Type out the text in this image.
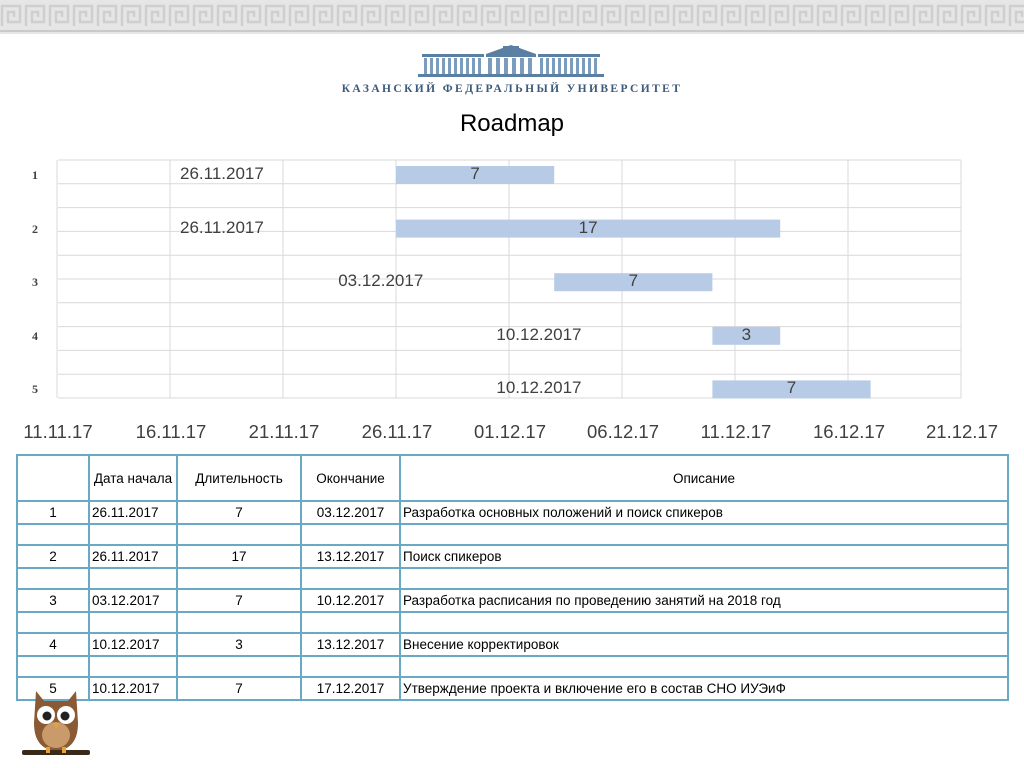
КАЗАНСКИЙ ФЕДЕРАЛЬНЫЙ УНИВЕРСИТЕТ
Roadmap
1	26.11.2017	7
2	26.11.2017	17
3	03.12.2017	7
4	10.12.2017	3
5	10.12.2017	7
11.11.17 16.11.17 21.11.17 26.11.17 01.12.17 06.12.17 11.12.17 16.12.17 21.12.17
	Дата начала	Длительность	Окончание	Описание
1	26.11.2017	7	03.12.2017	Разработка основных положений и поиск спикеров

2	26.11.2017	17	13.12.2017	Поиск спикеров

3	03.12.2017	7	10.12.2017	Разработка расписания по проведению занятий на 2018 год

4	10.12.2017	3	13.12.2017	Внесение корректировок

5	10.12.2017	7	17.12.2017	Утверждение проекта и включение его в состав СНО ИУЭиФ
